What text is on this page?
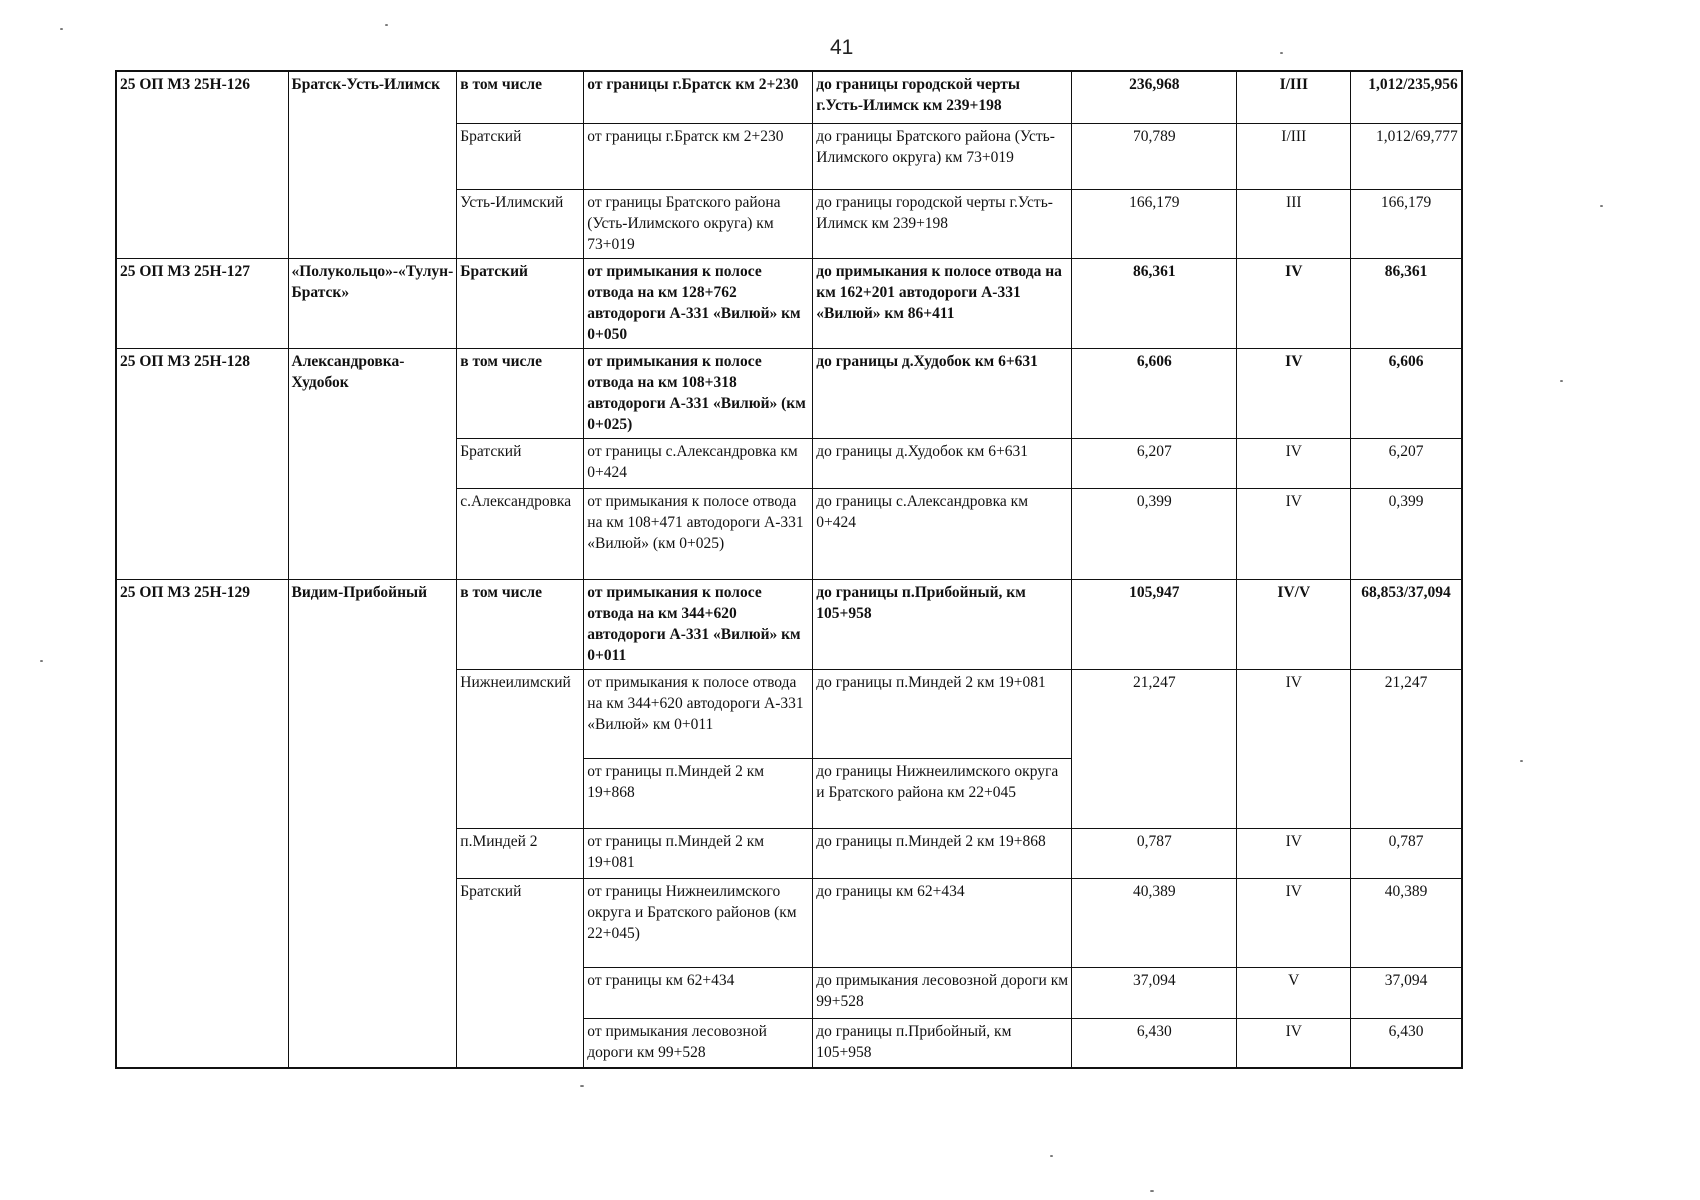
41
25 ОП МЗ 25Н-126	Братск-Усть-Илимск	в том числе	от границы г.Братск км 2+230	до границы городской черты г.Усть-Илимск км 239+198	236,968	I/III	1,012/235,956
		Братский	от границы г.Братск км 2+230	до границы Братского района (Усть-Илимского округа) км 73+019	70,789	I/III	1,012/69,777
		Усть-Илимский	от границы Братского района (Усть-Илимского округа) км 73+019	до границы городской черты г.Усть-Илимск км 239+198	166,179	III	166,179
25 ОП МЗ 25Н-127	«Полукольцо»-«Тулун-Братск»	Братский	от примыкания к полосе отвода на км 128+762 автодороги А-331 «Вилюй» км 0+050	до примыкания к полосе отвода на км 162+201 автодороги А-331 «Вилюй» км 86+411	86,361	IV	86,361
25 ОП МЗ 25Н-128	Александровка-Худобок	в том числе	от примыкания к полосе отвода на км 108+318 автодороги А-331 «Вилюй» (км 0+025)	до границы д.Худобок км 6+631	6,606	IV	6,606
		Братский	от границы с.Александровка км 0+424	до границы д.Худобок км 6+631	6,207	IV	6,207
		с.Александровка	от примыкания к полосе отвода на км 108+471 автодороги А-331 «Вилюй» (км 0+025)	до границы с.Александровка км 0+424	0,399	IV	0,399
25 ОП МЗ 25Н-129	Видим-Прибойный	в том числе	от примыкания к полосе отвода на км 344+620 автодороги А-331 «Вилюй» км 0+011	до границы п.Прибойный, км 105+958	105,947	IV/V	68,853/37,094
		Нижнеилимский	от примыкания к полосе отвода на км 344+620 автодороги А-331 «Вилюй» км 0+011	до границы п.Миндей 2 км 19+081	21,247	IV	21,247
			от границы п.Миндей 2 км 19+868	до границы Нижнеилимского округа и Братского района км 22+045			
		п.Миндей 2	от границы п.Миндей 2 км 19+081	до границы п.Миндей 2 км 19+868	0,787	IV	0,787
		Братский	от границы Нижнеилимского округа и Братского районов (км 22+045)	до границы км 62+434	40,389	IV	40,389
			от границы км 62+434	до примыкания лесовозной дороги км 99+528	37,094	V	37,094
			от примыкания лесовозной дороги км 99+528	до границы п.Прибойный, км 105+958	6,430	IV	6,430
